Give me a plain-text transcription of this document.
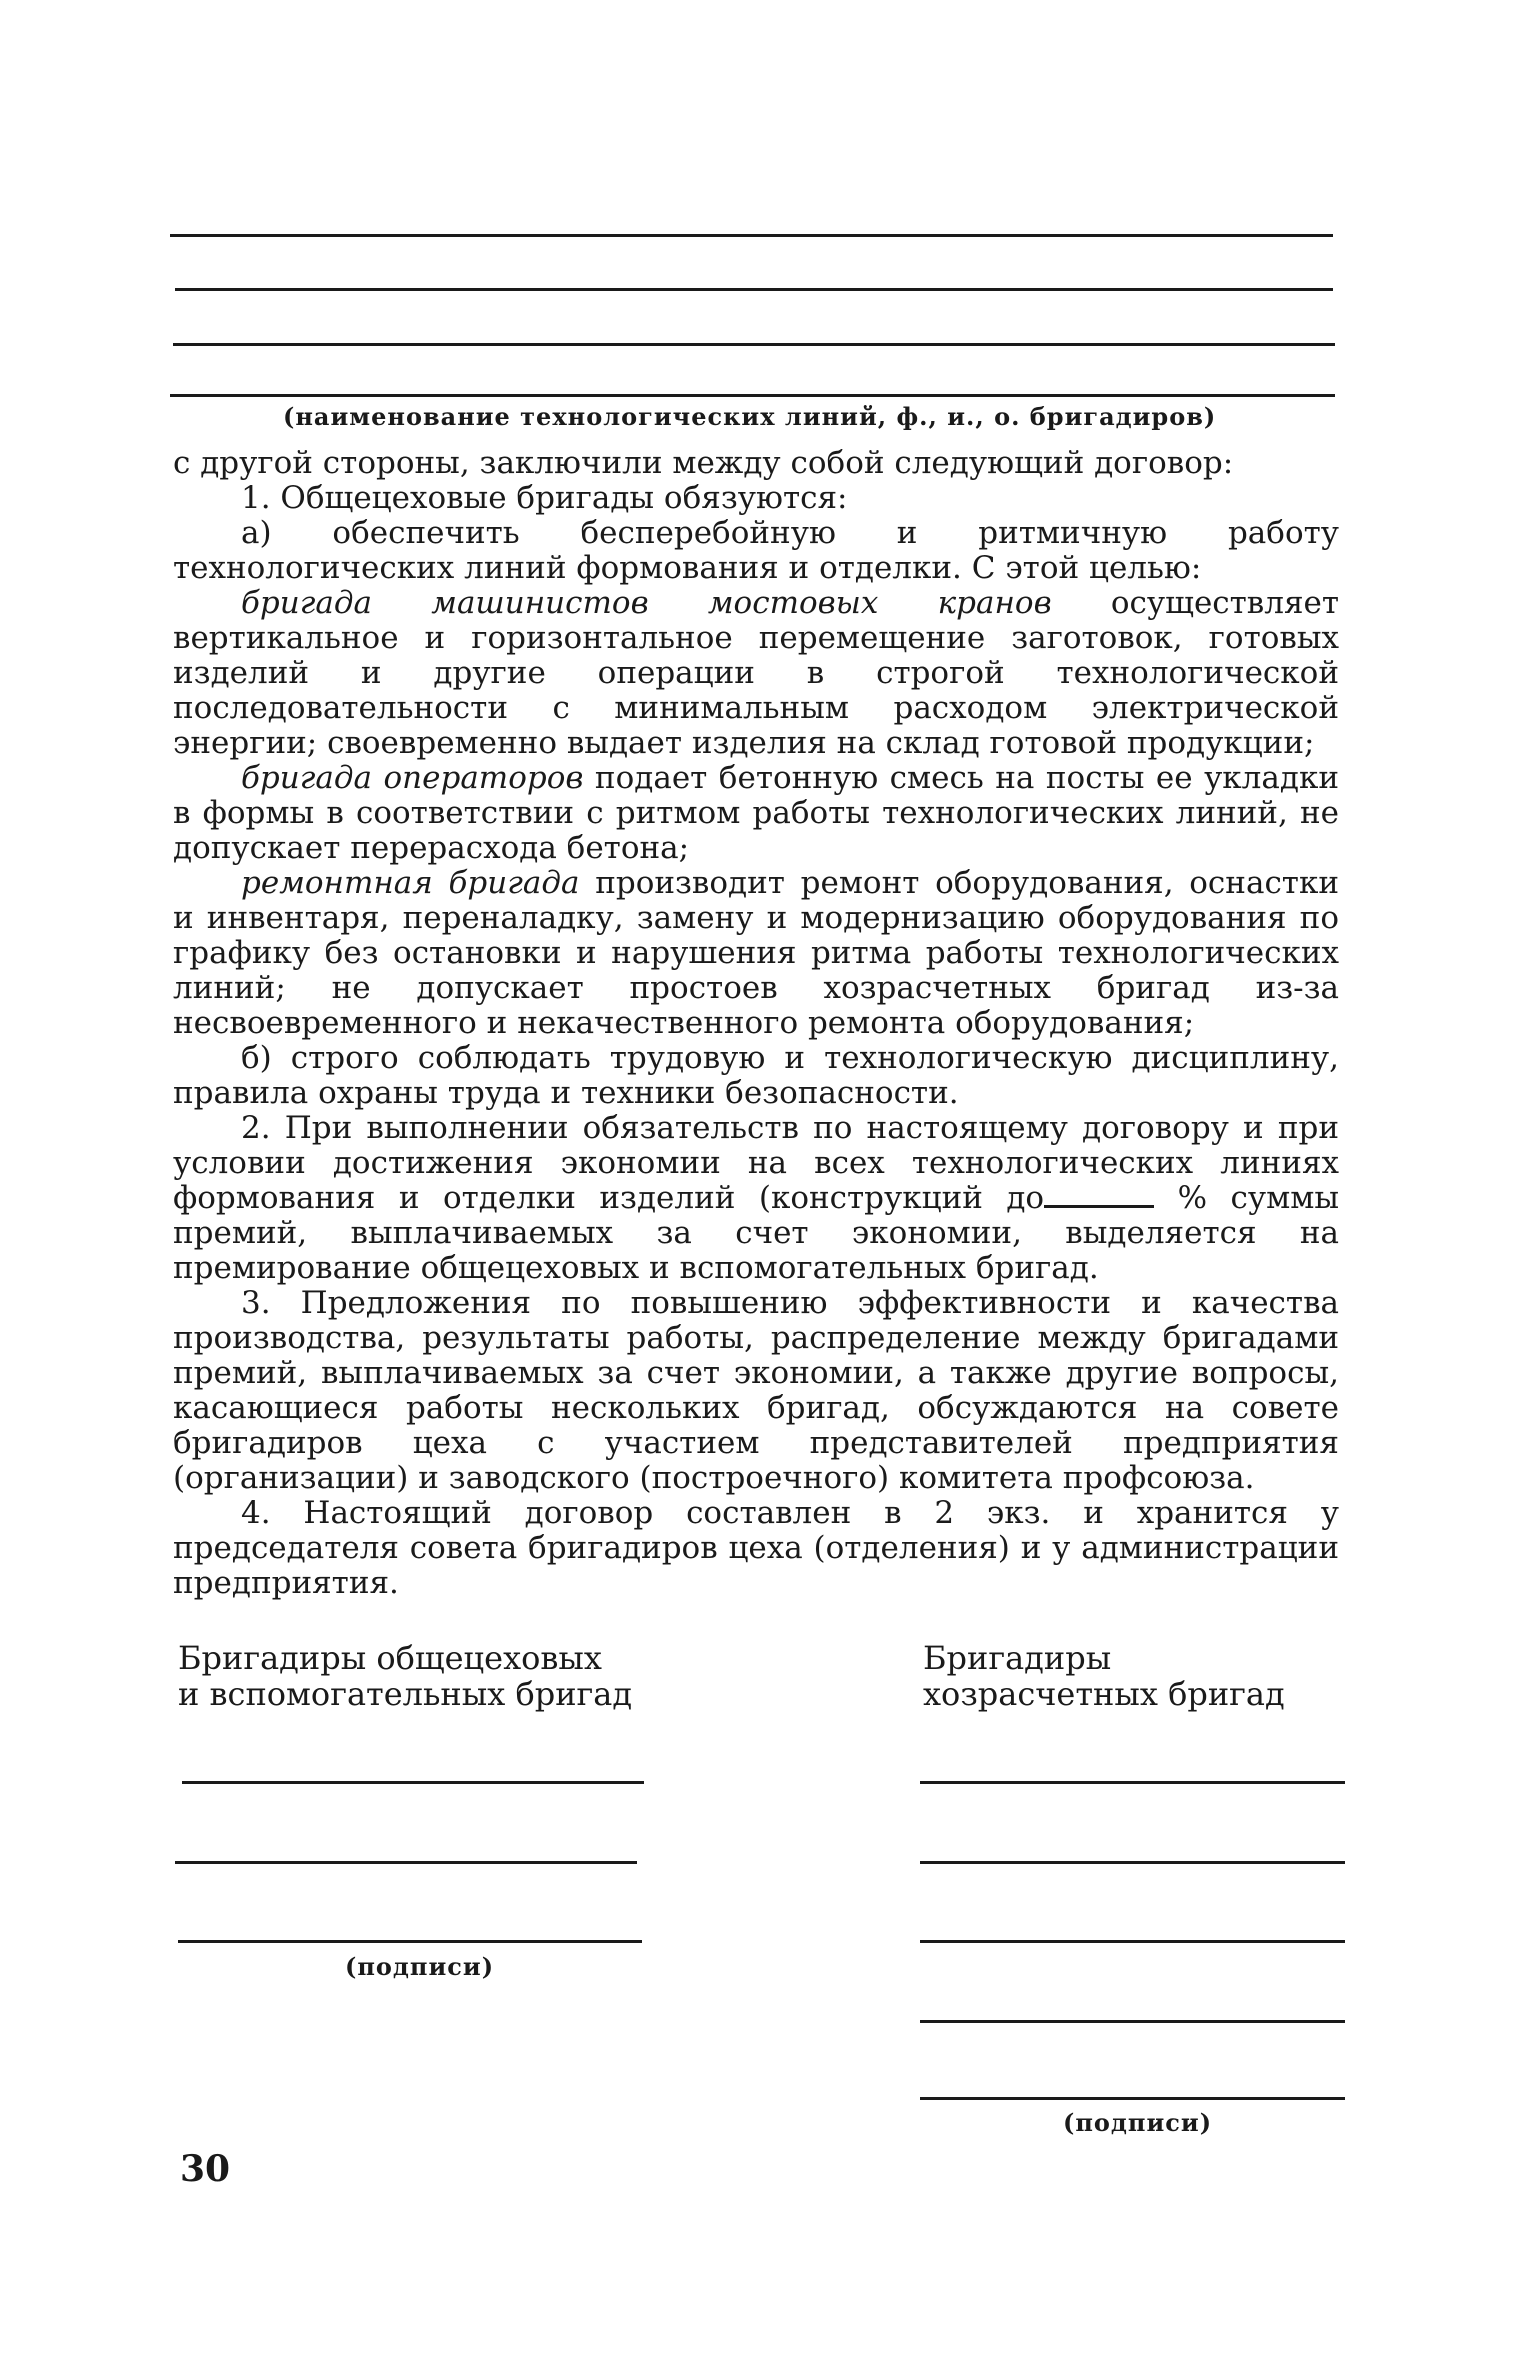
(наименование технологических линий, ф., и., о. бригадиров)

с другой стороны, заключили между собой следующий договор:

1. Общецеховые бригады обязуются:

а) обеспечить бесперебойную и ритмичную работу технологических линий формования и отделки. С этой целью:

бригада машинистов мостовых кранов осуществляет вертикальное и горизонтальное перемещение заготовок, готовых изделий и другие операции в строгой технологической последовательности с минимальным расходом электрической энергии; своевременно выдает изделия на склад готовой продукции;

бригада операторов подает бетонную смесь на посты ее укладки в формы в соответствии с ритмом работы технологических линий, не допускает перерасхода бетона;

ремонтная бригада производит ремонт оборудования, оснастки и инвентаря, переналадку, замену и модернизацию оборудования по графику без остановки и нарушения ритма работы технологических линий; не допускает простоев хозрасчетных бригад из-за несвоевременного и некачественного ремонта оборудования;

б) строго соблюдать трудовую и технологическую дисциплину, правила охраны труда и техники безопасности.

2. При выполнении обязательств по настоящему договору и при условии достижения экономии на всех технологических линиях формования и отделки изделий (конструкций до	% суммы премий, выплачиваемых за счет экономии, выделяется на премирование общецеховых и вспомогательных бригад.

3. Предложения по повышению эффективности и качества производства, результаты работы, распределение между бригадами премий, выплачиваемых за счет экономии, а также другие вопросы, касающиеся работы нескольких бригад, обсуждаются на совете бригадиров цеха с участием представителей предприятия (организации) и заводского (построечного) комитета профсоюза.

4. Настоящий договор составлен в 2 экз. и хранится у председателя совета бригадиров цеха (отделения) и у администрации предприятия.

Бригадиры общецеховых
и вспомогательных бригад
(подписи)
Бригадиры
хозрасчетных бригад
(подписи)
30
